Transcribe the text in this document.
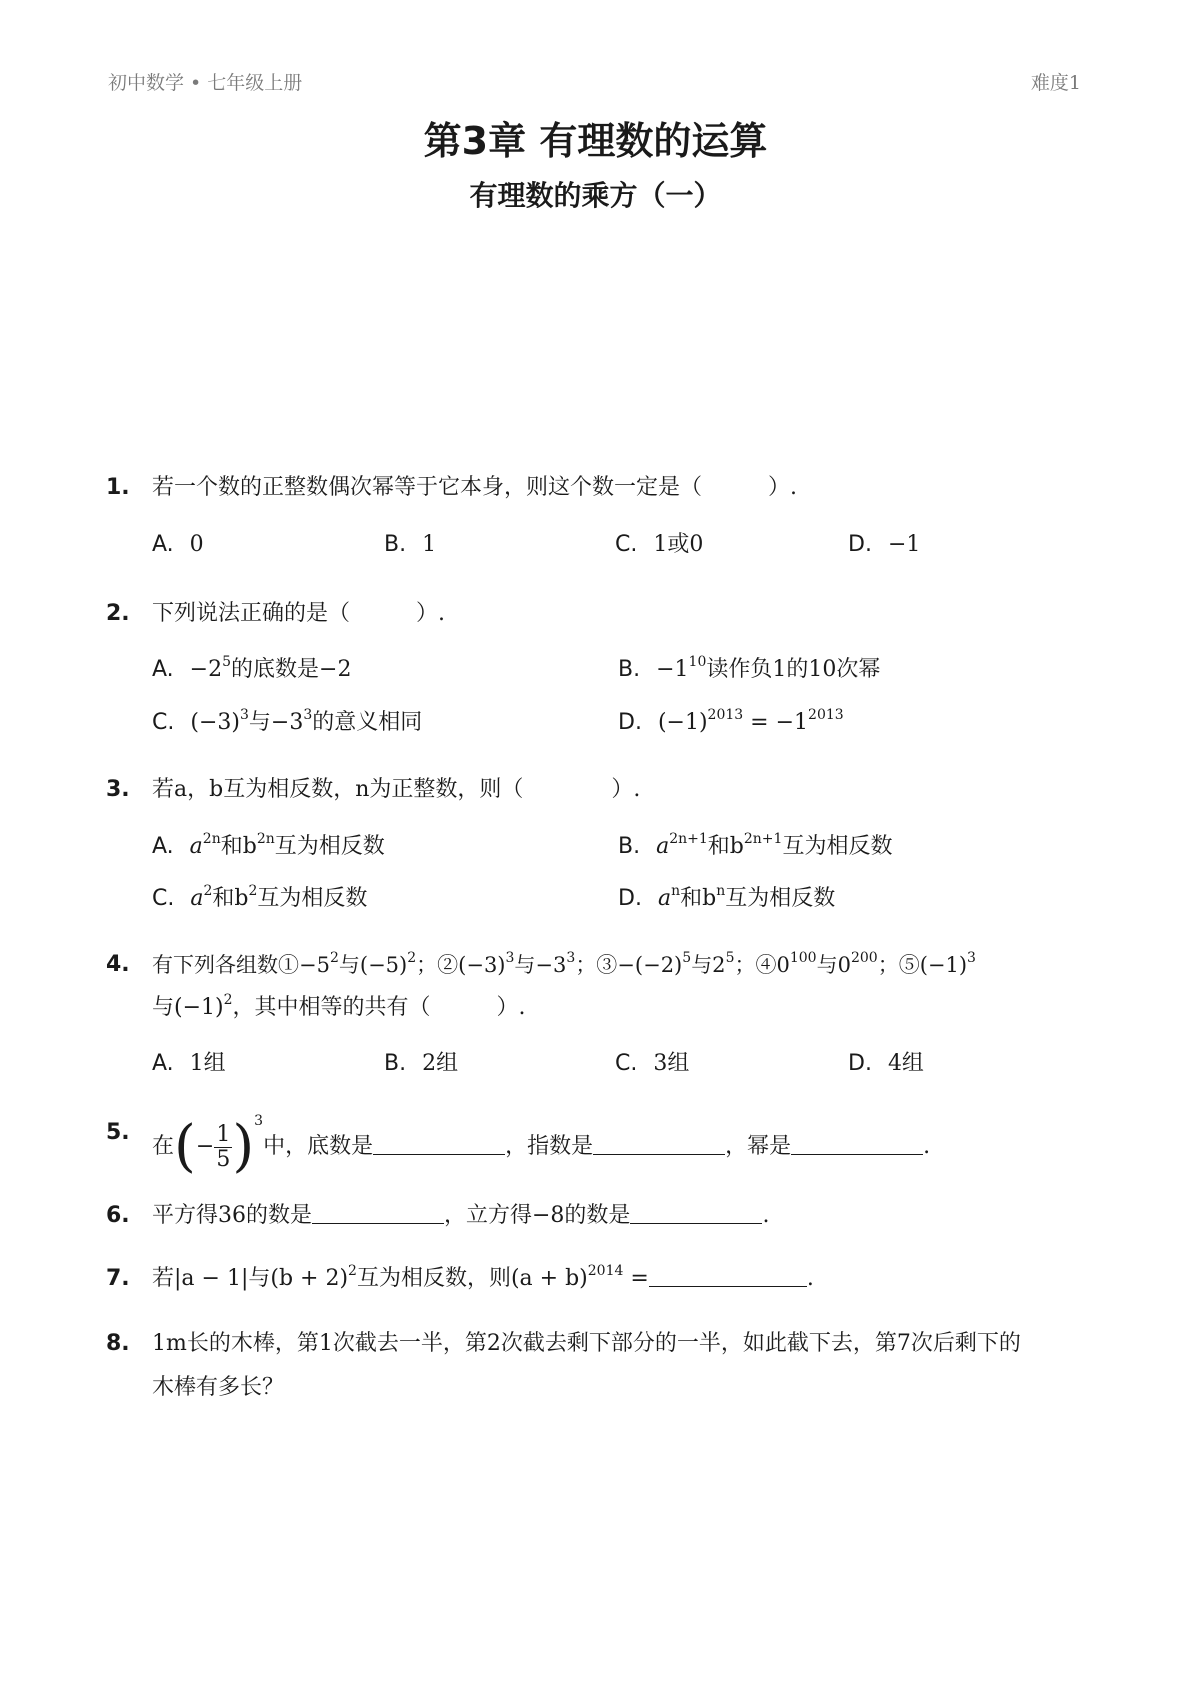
初中数学 • 七年级上册	难度1
第3章 有理数的运算
有理数的乘方（一）
1. 若一个数的正整数偶次幂等于它本身，则这个数一定是（　　　）.
A. 0	B. 1	C. 1或0	D. −1
2. 下列说法正确的是（　　　）.
A. $-2^5$的底数是−2	B. $-1^{10}$读作负1的10次幂
C. $(-3)^3$与$-3^3$的意义相同	D. $(-1)^{2013} = -1^{2013}$
3. 若a，b互为相反数，n为正整数，则（　　　　）.
A. $a^{2n}$和$b^{2n}$互为相反数	B. $a^{2n+1}$和$b^{2n+1}$互为相反数
C. $a^2$和$b^2$互为相反数	D. $a^n$和$b^n$互为相反数
4. 有下列各组数$①-5^2$与$(-5)^2$；$②(-3)^3$与$-3^3$；$③-(-2)^5$与$2^5$；$④0^{100}$与$0^{200}$；$⑤(-1)^3$
与$(-1)^2$，其中相等的共有（　　　）.
A. 1组	B. 2组	C. 3组	D. 4组
5.
在(− $\frac{1}{5} )^3$中，底数是	，指数是	，幂是	.
6. 平方得36的数是	，立方得−8的数是	.
7. 若|a − 1|与$(b + 2)^2$互为相反数，则$(a + b)^{2014}$ =	.
8. 1m长的木棒，第1次截去一半，第2次截去剩下部分的一半，如此截下去，第7次后剩下的
木棒有多长？
